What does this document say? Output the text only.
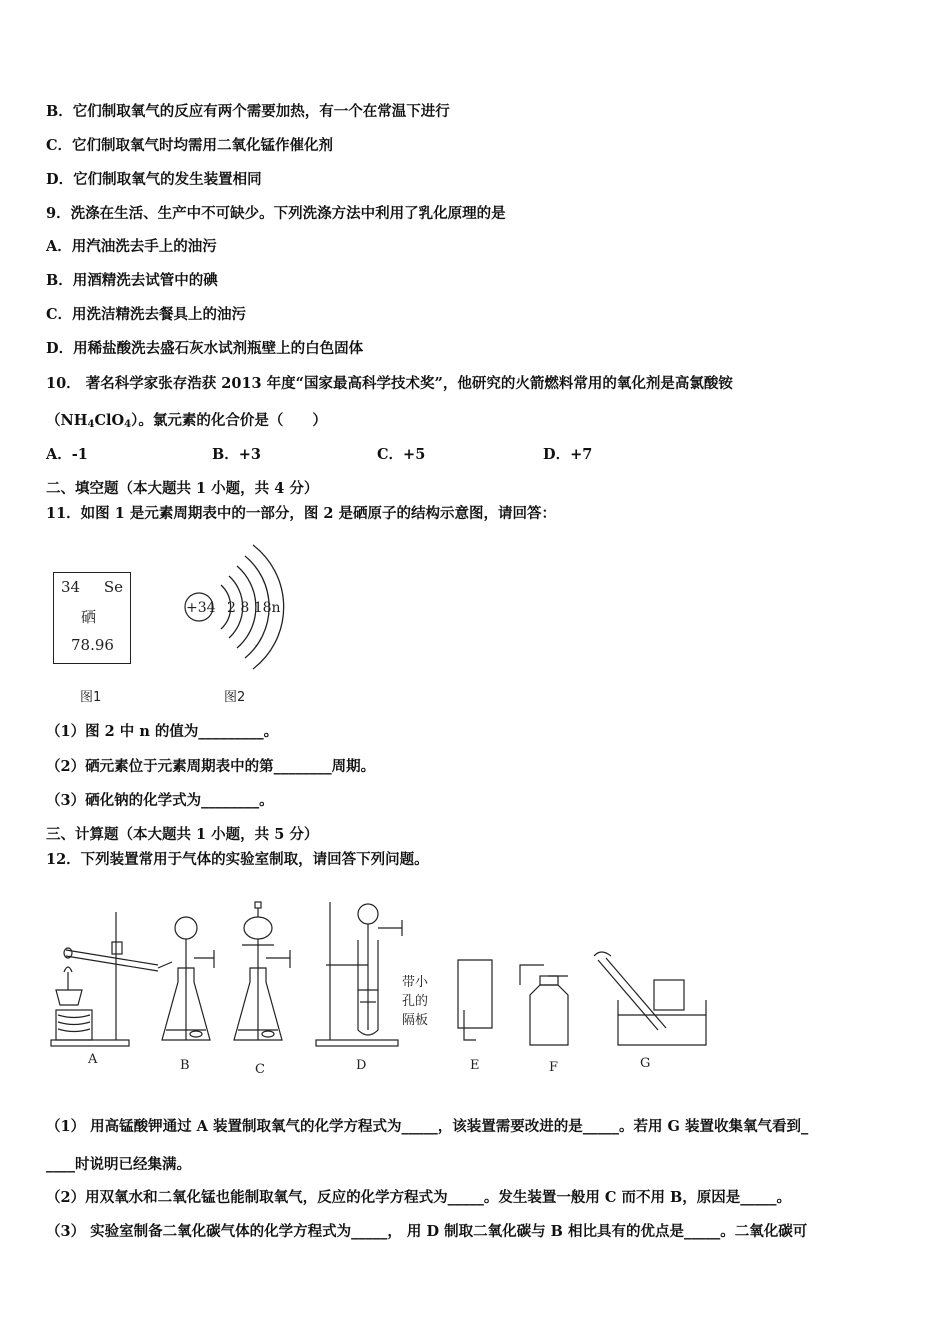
B．它们制取氧气的反应有两个需要加热，有一个在常温下进行
C．它们制取氧气时均需用二氧化锰作催化剂
D．它们制取氧气的发生装置相同
9．洗涤在生活、生产中不可缺少。下列洗涤方法中利用了乳化原理的是
A．用汽油洗去手上的油污
B．用酒精洗去试管中的碘
C．用洗洁精洗去餐具上的油污
D．用稀盐酸洗去盛石灰水试剂瓶壁上的白色固体
10． 著名科学家张存浩获 2013 年度“国家最高科学技术奖”，他研究的火箭燃料常用的氧化剂是高氯酸铵
$(NH_4ClO_4)$。氯元素的化合价是（　　）
A．-1	B．+3	C．+5	D．+7
二、填空题（本大题共 1 小题，共 4 分）
11．如图 1 是元素周期表中的一部分，图 2 是硒原子的结构示意图，请回答：
34 Se
硒
78.96
+34 2 8 18n
图1	图2
（1）图 2 中 n 的值为_________。
（2）硒元素位于元素周期表中的第________周期。
（3）硒化钠的化学式为________。
三、计算题（本大题共 1 小题，共 5 分）
12．下列装置常用于气体的实验室制取，请回答下列问题。
A	B	C	D	E	F	G
带小
孔的
隔板
（1） 用高锰酸钾通过 A 装置制取氧气的化学方程式为_____，该装置需要改进的是_____。若用 G 装置收集氧气看到_
____时说明已经集满。
（2）用双氧水和二氧化锰也能制取氧气，反应的化学方程式为_____。发生装置一般用 C 而不用 B，原因是_____。
（3） 实验室制备二氧化碳气体的化学方程式为_____， 用 D 制取二氧化碳与 B 相比具有的优点是_____。二氧化碳可
